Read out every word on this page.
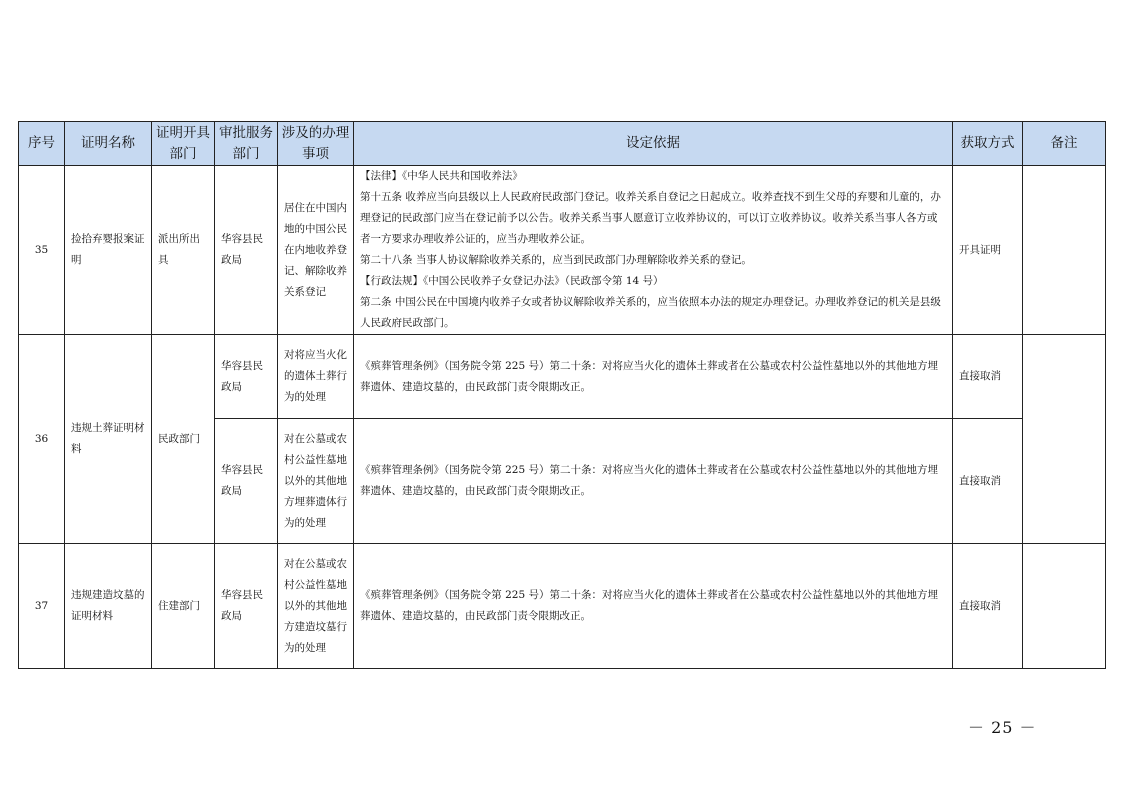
序号	证明名称	证明开具部门	审批服务部门	涉及的办理事项	设定依据	获取方式	备注
35	捡拾弃婴报案证明	派出所出具	华容县民政局	居住在中国内地的中国公民在内地收养登记、解除收养关系登记	【法律】《中华人民共和国收养法》

第十五条 收养应当向县级以上人民政府民政部门登记。收养关系自登记之日起成立。收养查找不到生父母的弃婴和儿童的，办理登记的民政部门应当在登记前予以公告。收养关系当事人愿意订立收养协议的，可以订立收养协议。收养关系当事人各方或者一方要求办理收养公证的，应当办理收养公证。

第二十八条 当事人协议解除收养关系的，应当到民政部门办理解除收养关系的登记。

【行政法规】《中国公民收养子女登记办法》（民政部令第 14 号）

第二条 中国公民在中国境内收养子女或者协议解除收养关系的，应当依照本办法的规定办理登记。办理收养登记的机关是县级人民政府民政部门。	开具证明	
36	违规土葬证明材料	民政部门	华容县民政局	对将应当火化的遗体土葬行为的处理	《殡葬管理条例》（国务院令第 225 号）第二十条：对将应当火化的遗体土葬或者在公墓或农村公益性墓地以外的其他地方埋葬遗体、建造坟墓的，由民政部门责令限期改正。	直接取消	
			华容县民政局	对在公墓或农村公益性墓地以外的其他地方埋葬遗体行为的处理	《殡葬管理条例》（国务院令第 225 号）第二十条：对将应当火化的遗体土葬或者在公墓或农村公益性墓地以外的其他地方埋葬遗体、建造坟墓的，由民政部门责令限期改正。	直接取消	
37	违规建造坟墓的证明材料	住建部门	华容县民政局	对在公墓或农村公益性墓地以外的其他地方建造坟墓行为的处理	《殡葬管理条例》（国务院令第 225 号）第二十条：对将应当火化的遗体土葬或者在公墓或农村公益性墓地以外的其他地方埋葬遗体、建造坟墓的，由民政部门责令限期改正。	直接取消	
－ 25 －
